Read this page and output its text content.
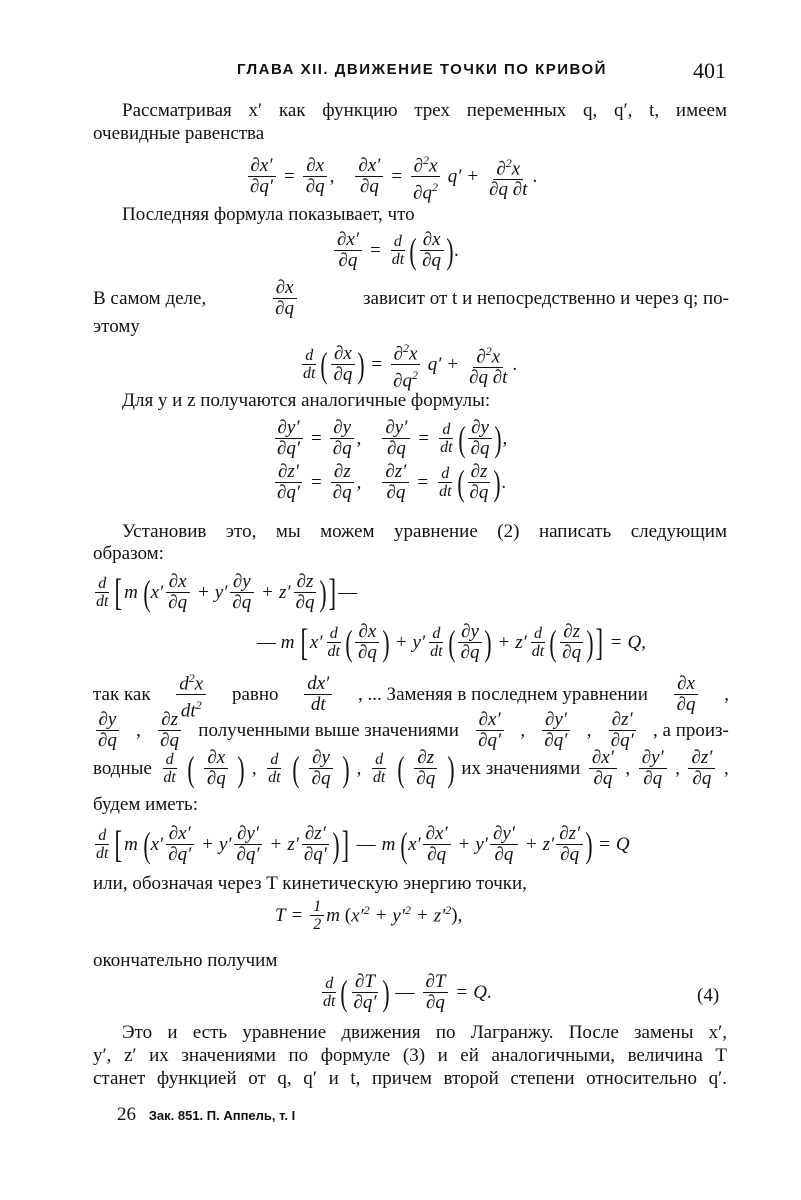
ГЛАВА XII. ДВИЖЕНИЕ ТОЧКИ ПО КРИВОЙ	401
Рассматривая x′ как функцию трех переменных q, q′, t, имеем
очевидные равенства
$\frac{\partial x'}{\partial q'} = \frac{\partial x}{\partial q}$ , $\frac{\partial x'}{\partial q} = \frac{\partial^2x}{\partial q^2} q' + \frac{\partial^2x}{\partial q \partial t}$ .
Последняя формула показывает, что
$\frac{\partial x'}{\partial q} = \frac{d}{dt}$ ( $\frac{\partial x}{\partial q}$ ) .
В самом деле,	$\frac{\partial x}{\partial q}$	зависит от t и непосредственно и через q; по-
этому
$\frac{d}{dt}$ ( $\frac{\partial x}{\partial q}$ ) = $\frac{\partial^2x}{\partial q^2} q' + \frac{\partial^2x}{\partial q \partial t}$ .
Для y и z получаются аналогичные формулы:
$\frac{\partial y'}{\partial q'} = \frac{\partial y}{\partial q}$ , $\frac{\partial y'}{\partial q} = \frac{d}{dt}$ ( $\frac{\partial y}{\partial q}$ ) ,
$\frac{\partial z'}{\partial q'} = \frac{\partial z}{\partial q}$ , $\frac{\partial z'}{\partial q} = \frac{d}{dt}$ ( $\frac{\partial z}{\partial q}$ ) .
Установив это, мы можем уравнение (2) написать следующим
образом:
$\frac{d}{dt}$ [ m
( $x' \frac{\partial x}{\partial q} + y' \frac{\partial y}{\partial q} + z' \frac{\partial z}{\partial q}$ ) ] —
— m
[ $x' \frac{d}{dt}$ ( $\frac{\partial x}{\partial q}$ ) + $y' \frac{d}{dt}$ ( $\frac{\partial y}{\partial q}$ ) + $z' \frac{d}{dt}$ ( $\frac{\partial z}{\partial q}$ ) ] = Q ,
так как $\frac{d^2x}{dt^2}$ равно $\frac{dx'}{dt}$ , ... Заменяя в последнем уравнении $\frac{\partial x}{\partial q}$ ,
$\frac{\partial y}{\partial q}$ , $\frac{\partial z}{\partial q}$ полученными выше значениями $\frac{\partial x'}{\partial q'}$ , $\frac{\partial y'}{\partial q'}$ , $\frac{\partial z'}{\partial q'}$ , а произ-
водные $\frac{d}{dt}$ ( $\frac{\partial x}{\partial q}$ ) , $\frac{d}{dt}$ ( $\frac{\partial y}{\partial q}$ ) , $\frac{d}{dt}$ ( $\frac{\partial z}{\partial q}$ ) их значениями $\frac{\partial x'}{\partial q}$ , $\frac{\partial y'}{\partial q}$ , $\frac{\partial z'}{\partial q}$ ,
будем иметь:
$\frac{d}{dt}$ [ m
( $x' \frac{\partial x'}{\partial q'} + y' \frac{\partial y'}{\partial q'} + z' \frac{\partial z'}{\partial q'}$ ) ] — m
( $x' \frac{\partial x'}{\partial q} + y' \frac{\partial y'}{\partial q} + z' \frac{\partial z'}{\partial q}$ ) = Q
или, обозначая через T кинетическую энергию точки,
$T = \frac{1}{2}$ m
( $x'^2 + y'^2 + z'^2$ ),
окончательно получим
$\frac{d}{dt}$ ( $\frac{\partial T}{\partial q'}$ ) — $\frac{\partial T}{\partial q} = Q$ .	(4)
Это и есть уравнение движения по Лагранжу. После замены x′,
y′, z′ их значениями по формуле (3) и ей аналогичными, величина T
станет функцией от q, q′ и t, причем второй степени относительно q′.
26 Зак. 851. П. Аппель, т. I
